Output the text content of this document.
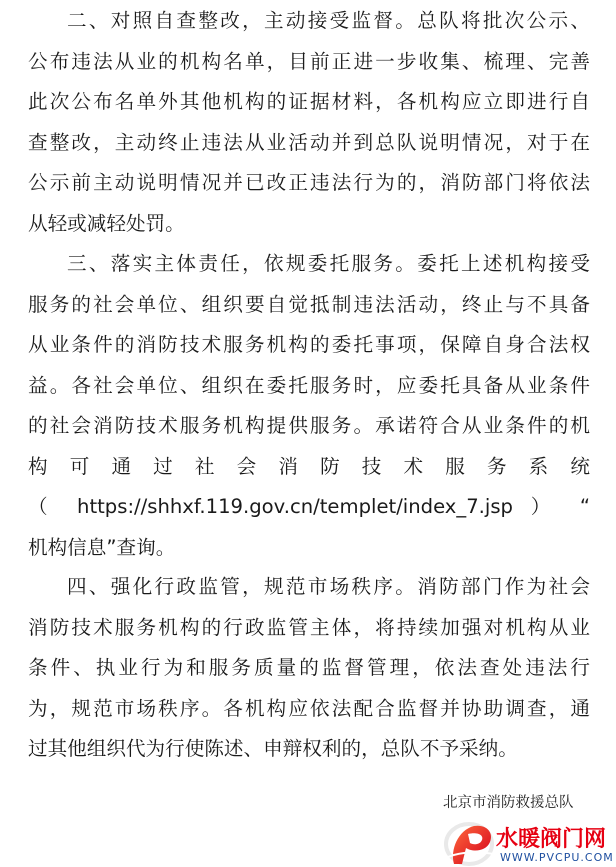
二、对照自查整改，主动接受监督。总队将批次公示、
公布违法从业的机构名单，目前正进一步收集、梳理、完善
此次公布名单外其他机构的证据材料，各机构应立即进行自
查整改，主动终止违法从业活动并到总队说明情况，对于在
公示前主动说明情况并已改正违法行为的，消防部门将依法
从轻或减轻处罚。
三、落实主体责任，依规委托服务。委托上述机构接受
服务的社会单位、组织要自觉抵制违法活动，终止与不具备
从业条件的消防技术服务机构的委托事项，保障自身合法权
益。各社会单位、组织在委托服务时，应委托具备从业条件
的社会消防技术服务机构提供服务。承诺符合从业条件的机
构 可 通 过 社 会 消 防 技 术 服 务 系 统
（ https://shhxf.119.gov.cn/templet/index_7.jsp ） “
机构信息”查询。
四、强化行政监管，规范市场秩序。消防部门作为社会
消防技术服务机构的行政监管主体，将持续加强对机构从业
条件、执业行为和服务质量的监督管理，依法查处违法行
为，规范市场秩序。各机构应依法配合监督并协助调查，通
过其他组织代为行使陈述、申辩权利的，总队不予采纳。
北京市消防救援总队
水暖阀门网
WWW.PVCPU.COM
